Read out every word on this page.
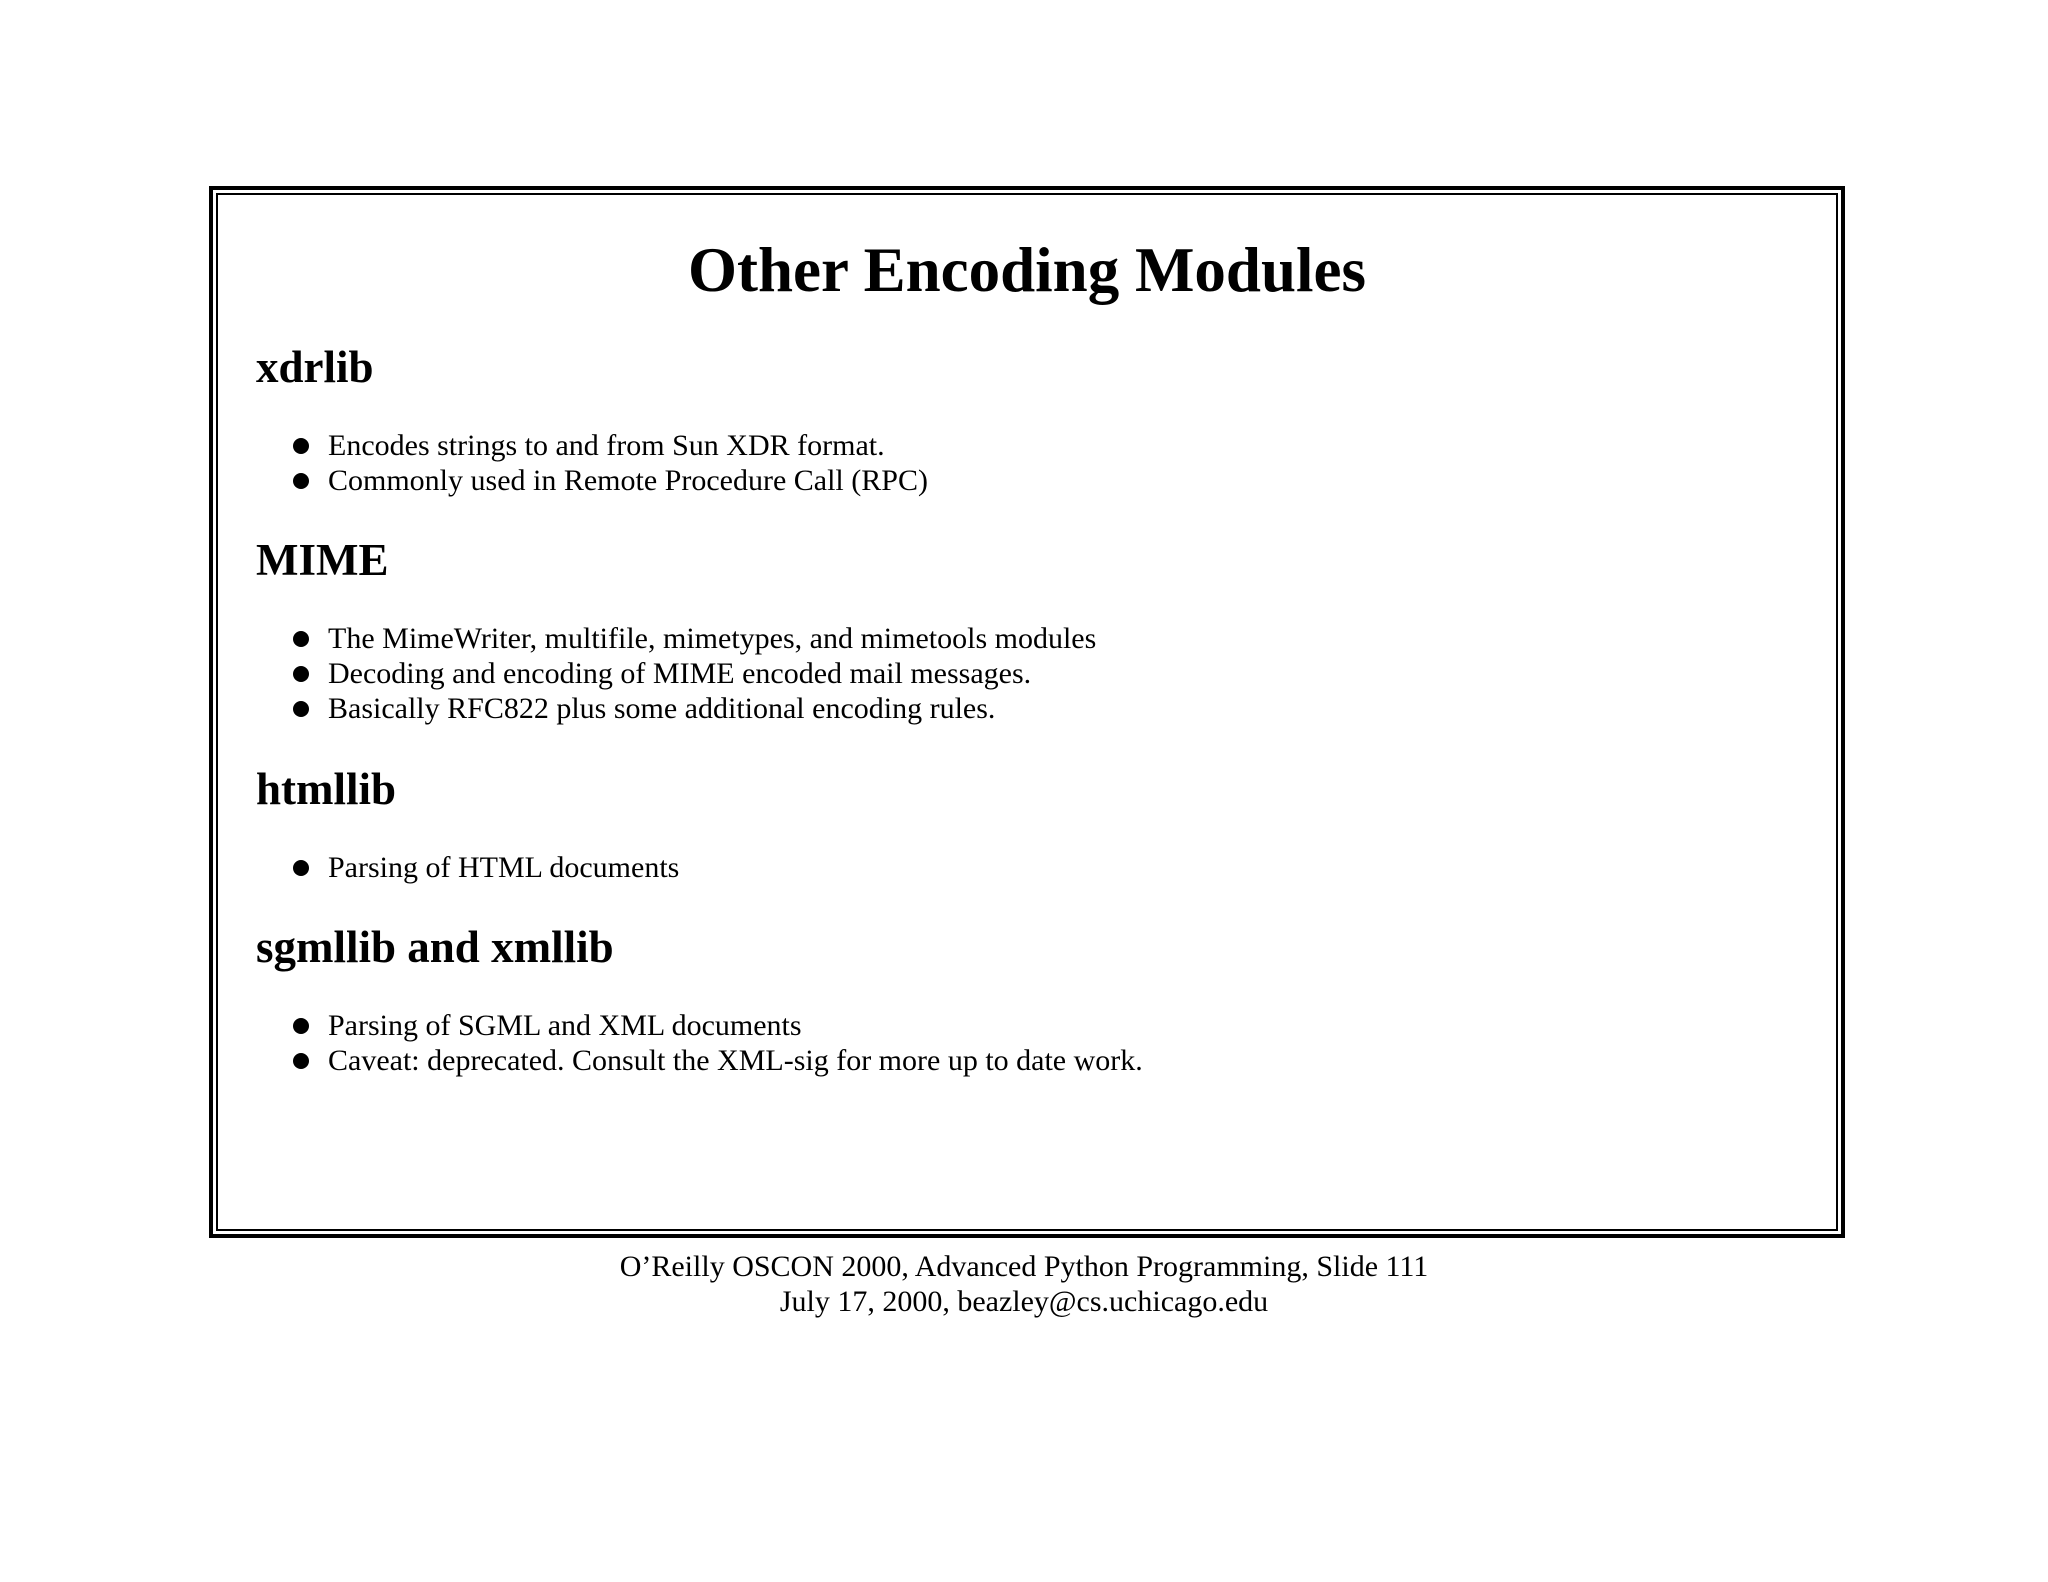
Other Encoding Modules
xdrlib
Encodes strings to and from Sun XDR format.
Commonly used in Remote Procedure Call (RPC)
MIME
The MimeWriter, multifile, mimetypes, and mimetools modules
Decoding and encoding of MIME encoded mail messages.
Basically RFC822 plus some additional encoding rules.
htmllib
Parsing of HTML documents
sgmllib and xmllib
Parsing of SGML and XML documents
Caveat: deprecated. Consult the XML-sig for more up to date work.
O’Reilly OSCON 2000, Advanced Python Programming, Slide 111
July 17, 2000, beazley@cs.uchicago.edu
